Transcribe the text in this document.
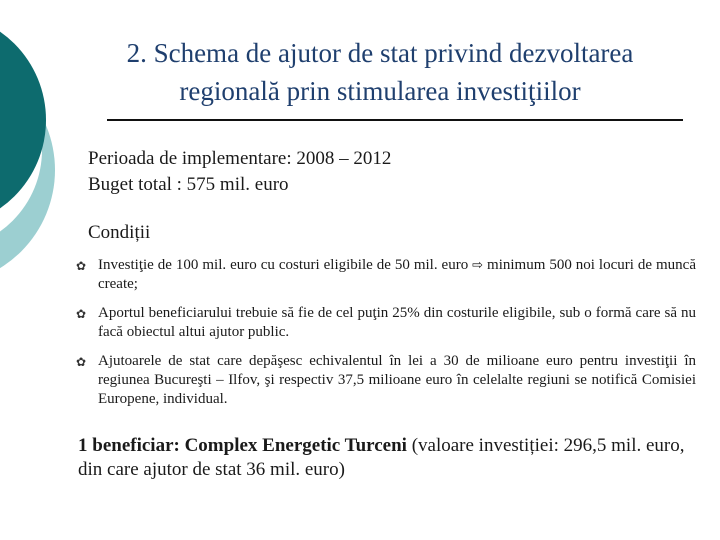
2. Schema de ajutor de stat privind dezvoltarea
regională prin stimularea investiţiilor
Perioada de implementare: 2008 – 2012
Buget total : 575 mil. euro
Condiții
✿ Investiţie de 100 mil. euro cu costuri eligibile de 50 mil. euro ⇨ minimum 500 noi locuri de muncă create;
✿ Aportul beneficiarului trebuie să fie de cel puţin 25% din costurile eligibile, sub o formă care să nu facă obiectul altui ajutor public.
✿ Ajutoarele de stat care depăşesc echivalentul în lei a 30 de milioane euro pentru investiţii în regiunea Bucureşti – Ilfov, şi respectiv 37,5 milioane euro în celelalte regiuni se notifică Comisiei Europene, individual.
1 beneficiar: Complex Energetic Turceni (valoare investiției: 296,5 mil. euro, din care ajutor de stat 36 mil. euro)
